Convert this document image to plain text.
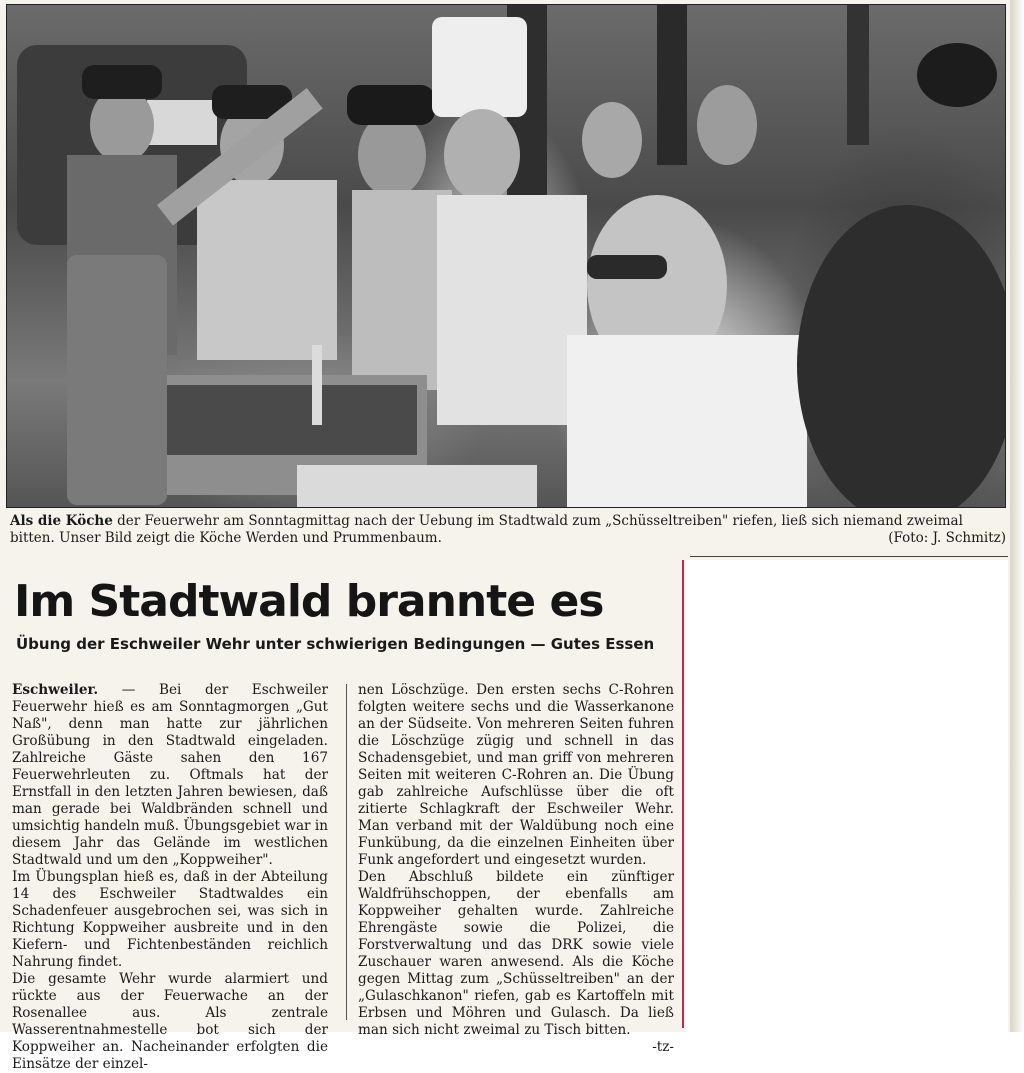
Als die Köche der Feuerwehr am Sonntagmittag nach der Uebung im Stadtwald zum „Schüsseltreiben" riefen, ließ sich niemand zweimal bitten. Unser Bild zeigt die Köche Werden und Prummenbaum.	(Foto: J. Schmitz)
Im Stadtwald brannte es
Übung der Eschweiler Wehr unter schwierigen Bedingungen — Gutes Essen

Eschweiler. — Bei der Eschweiler Feuerwehr hieß es am Sonntagmorgen „Gut Naß", denn man hatte zur jährlichen Großübung in den Stadtwald eingeladen. Zahlreiche Gäste sahen den 167 Feuerwehrleuten zu. Oftmals hat der Ernstfall in den letzten Jahren bewiesen, daß man gerade bei Waldbränden schnell und umsichtig handeln muß. Übungsgebiet war in diesem Jahr das Gelände im westlichen Stadtwald und um den „Koppweiher".

Im Übungsplan hieß es, daß in der Abteilung 14 des Eschweiler Stadtwaldes ein Schadenfeuer ausgebrochen sei, was sich in Richtung Koppweiher ausbreite und in den Kiefern- und Fichtenbeständen reichlich Nahrung findet.

Die gesamte Wehr wurde alarmiert und rückte aus der Feuerwache an der Rosenallee aus. Als zentrale Wasserentnahmestelle bot sich der Koppweiher an. Nacheinander erfolgten die Einsätze der einzel-

nen Löschzüge. Den ersten sechs C-Rohren folgten weitere sechs und die Wasserkanone an der Südseite. Von mehreren Seiten fuhren die Löschzüge zügig und schnell in das Schadensgebiet, und man griff von mehreren Seiten mit weiteren C-Rohren an. Die Übung gab zahlreiche Aufschlüsse über die oft zitierte Schlagkraft der Eschweiler Wehr. Man verband mit der Waldübung noch eine Funkübung, da die einzelnen Einheiten über Funk angefordert und eingesetzt wurden.

Den Abschluß bildete ein zünftiger Waldfrühschoppen, der ebenfalls am Koppweiher gehalten wurde. Zahlreiche Ehrengäste sowie die Polizei, die Forstverwaltung und das DRK sowie viele Zuschauer waren anwesend. Als die Köche gegen Mittag zum „Schüsseltreiben" an der „Gulaschkanon" riefen, gab es Kartoffeln mit Erbsen und Möhren und Gulasch. Da ließ man sich nicht zweimal zu Tisch bitten.

-tz-
